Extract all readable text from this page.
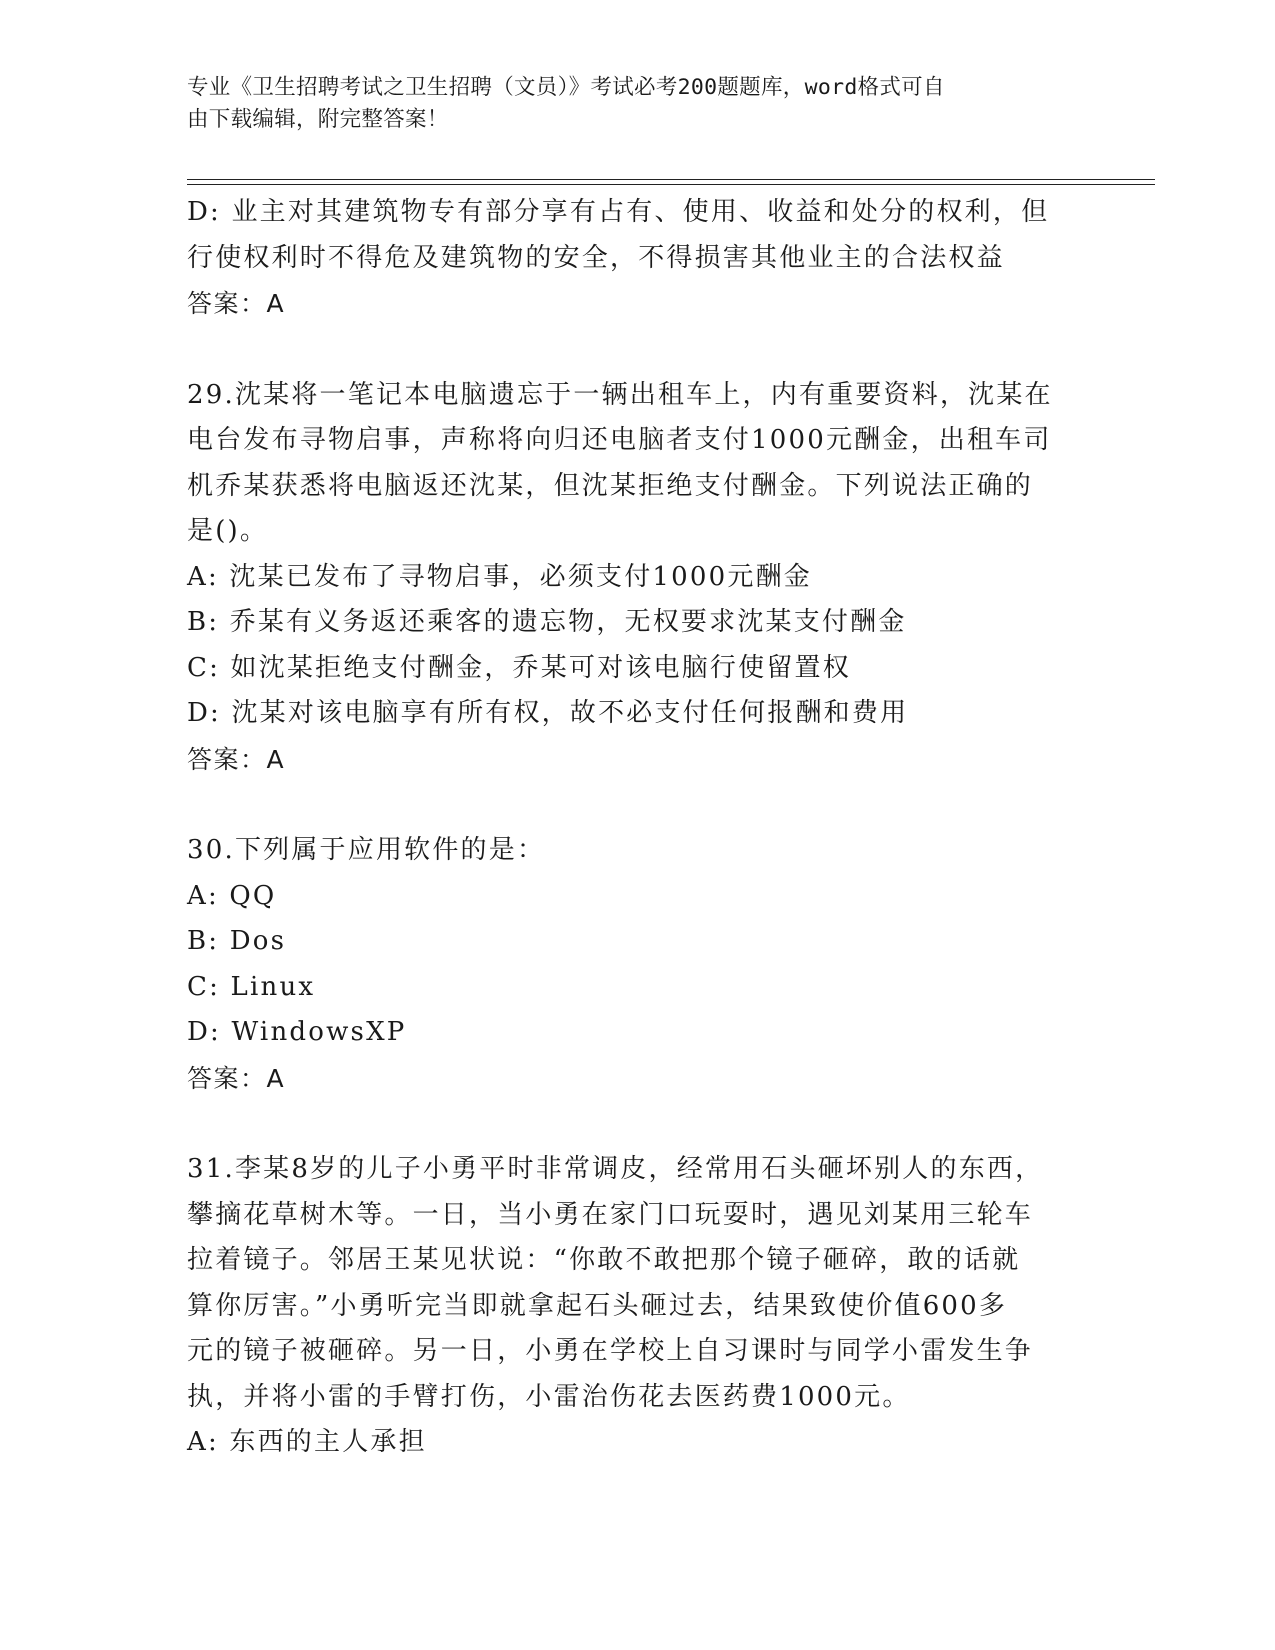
专业《卫生招聘考试之卫生招聘（文员）》考试必考200题题库，word格式可自
由下载编辑，附完整答案！
D: 业主对其建筑物专有部分享有占有、使用、收益和处分的权利，但
行使权利时不得危及建筑物的安全，不得损害其他业主的合法权益
答案：A
29.沈某将一笔记本电脑遗忘于一辆出租车上，内有重要资料，沈某在
电台发布寻物启事，声称将向归还电脑者支付1000元酬金，出租车司
机乔某获悉将电脑返还沈某，但沈某拒绝支付酬金。下列说法正确的
是()。
A: 沈某已发布了寻物启事，必须支付1000元酬金
B: 乔某有义务返还乘客的遗忘物，无权要求沈某支付酬金
C: 如沈某拒绝支付酬金，乔某可对该电脑行使留置权
D: 沈某对该电脑享有所有权，故不必支付任何报酬和费用
答案：A
30.下列属于应用软件的是：
A: QQ
B: Dos
C: Linux
D: WindowsXP
答案：A
31.李某8岁的儿子小勇平时非常调皮，经常用石头砸坏别人的东西，
攀摘花草树木等。一日，当小勇在家门口玩耍时，遇见刘某用三轮车
拉着镜子。邻居王某见状说：“你敢不敢把那个镜子砸碎，敢的话就
算你厉害。”小勇听完当即就拿起石头砸过去，结果致使价值600多
元的镜子被砸碎。另一日，小勇在学校上自习课时与同学小雷发生争
执，并将小雷的手臂打伤，小雷治伤花去医药费1000元。
A: 东西的主人承担
